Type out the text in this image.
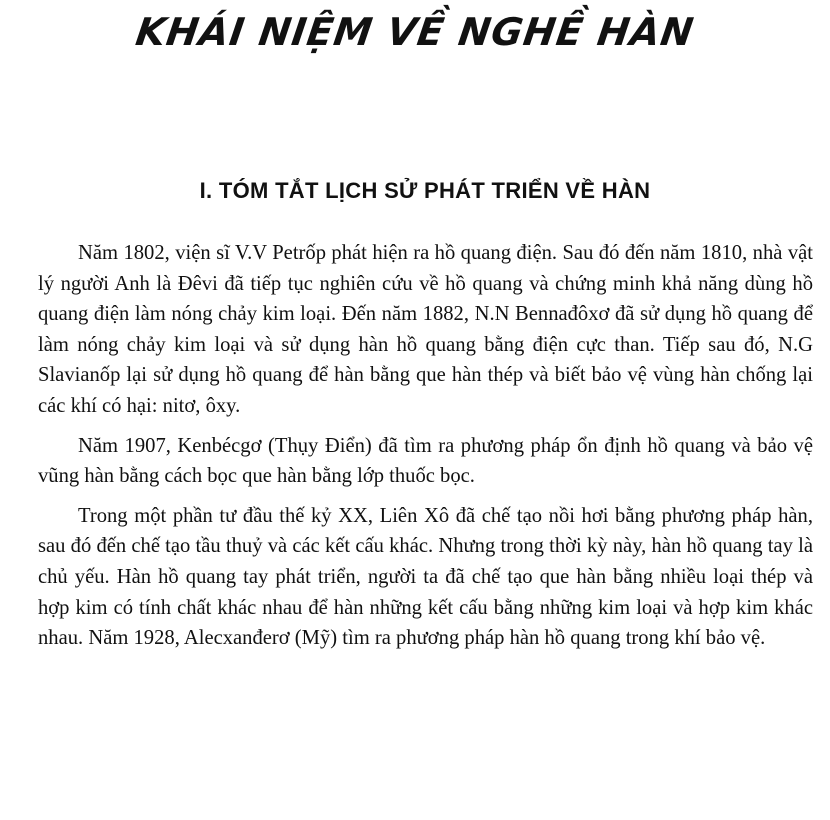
KHÁI NIỆM VỀ NGHỀ HÀN
I. TÓM TẮT LỊCH SỬ PHÁT TRIỂN VỀ HÀN

Năm 1802, viện sĩ V.V Petrốp phát hiện ra hồ quang điện. Sau đó đến năm 1810, nhà vật lý người Anh là Đêvi đã tiếp tục nghiên cứu về hồ quang và chứng minh khả năng dùng hồ quang điện làm nóng chảy kim loại. Đến năm 1882, N.N Bennađôxơ đã sử dụng hồ quang để làm nóng chảy kim loại và sử dụng hàn hồ quang bằng điện cực than. Tiếp sau đó, N.G Slavianốp lại sử dụng hồ quang để hàn bằng que hàn thép và biết bảo vệ vùng hàn chống lại các khí có hại: nitơ, ôxy.

Năm 1907, Kenbécgơ (Thụy Điển) đã tìm ra phương pháp ổn định hồ quang và bảo vệ vũng hàn bằng cách bọc que hàn bằng lớp thuốc bọc.

Trong một phần tư đầu thế kỷ XX, Liên Xô đã chế tạo nồi hơi bằng phương pháp hàn, sau đó đến chế tạo tầu thuỷ và các kết cấu khác. Nhưng trong thời kỳ này, hàn hồ quang tay là chủ yếu. Hàn hồ quang tay phát triển, người ta đã chế tạo que hàn bằng nhiều loại thép và hợp kim có tính chất khác nhau để hàn những kết cấu bằng những kim loại và hợp kim khác nhau. Năm 1928, Alecxanđerơ (Mỹ) tìm ra phương pháp hàn hồ quang trong khí bảo vệ.
